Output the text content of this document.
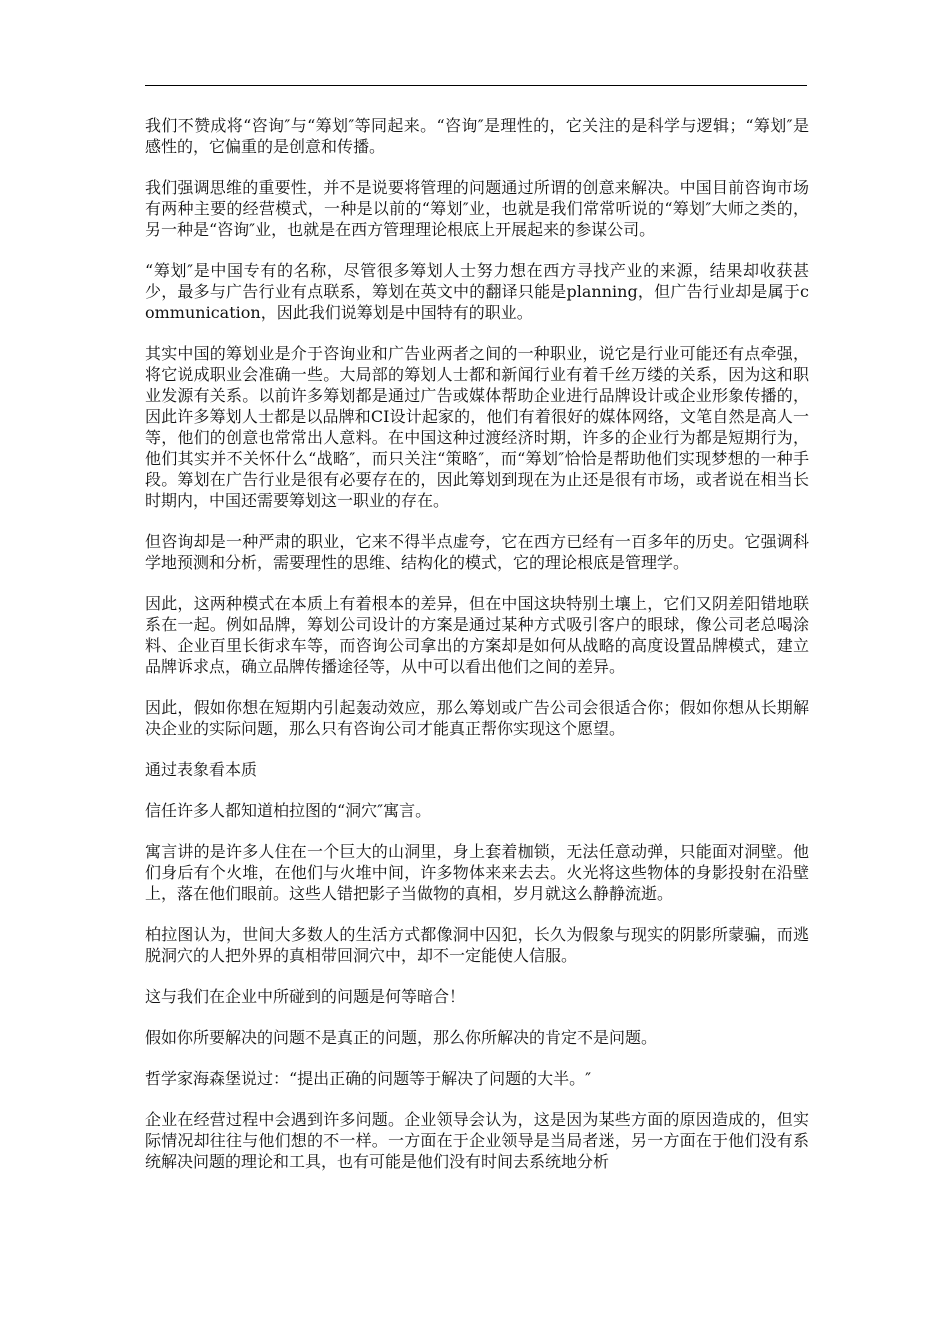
我们不赞成将“咨询″与“筹划″等同起来。“咨询″是理性的，它关注的是科学与逻辑；“筹划″是感性的，它偏重的是创意和传播。

我们强调思维的重要性，并不是说要将管理的问题通过所谓的创意来解决。中国目前咨询市场有两种主要的经营模式，一种是以前的“筹划″业，也就是我们常常听说的“筹划″大师之类的，另一种是“咨询″业，也就是在西方管理理论根底上开展起来的参谋公司。

“筹划″是中国专有的名称，尽管很多筹划人士努力想在西方寻找产业的来源，结果却收获甚少，最多与广告行业有点联系，筹划在英文中的翻译只能是planning，但广告行业却是属于communication，因此我们说筹划是中国特有的职业。

其实中国的筹划业是介于咨询业和广告业两者之间的一种职业，说它是行业可能还有点牵强，将它说成职业会准确一些。大局部的筹划人士都和新闻行业有着千丝万缕的关系，因为这和职业发源有关系。以前许多筹划都是通过广告或媒体帮助企业进行品牌设计或企业形象传播的，因此许多筹划人士都是以品牌和CI设计起家的，他们有着很好的媒体网络，文笔自然是高人一等，他们的创意也常常出人意料。在中国这种过渡经济时期，许多的企业行为都是短期行为，他们其实并不关怀什么“战略″，而只关注“策略″，而“筹划″恰恰是帮助他们实现梦想的一种手段。筹划在广告行业是很有必要存在的，因此筹划到现在为止还是很有市场，或者说在相当长时期内，中国还需要筹划这一职业的存在。

但咨询却是一种严肃的职业，它来不得半点虚夸，它在西方已经有一百多年的历史。它强调科学地预测和分析，需要理性的思维、结构化的模式，它的理论根底是管理学。

因此，这两种模式在本质上有着根本的差异，但在中国这块特别土壤上，它们又阴差阳错地联系在一起。例如品牌，筹划公司设计的方案是通过某种方式吸引客户的眼球，像公司老总喝涂料、企业百里长街求车等，而咨询公司拿出的方案却是如何从战略的高度设置品牌模式，建立品牌诉求点，确立品牌传播途径等，从中可以看出他们之间的差异。

因此，假如你想在短期内引起轰动效应，那么筹划或广告公司会很适合你；假如你想从长期解决企业的实际问题，那么只有咨询公司才能真正帮你实现这个愿望。

通过表象看本质

信任许多人都知道柏拉图的“洞穴″寓言。

寓言讲的是许多人住在一个巨大的山洞里，身上套着枷锁，无法任意动弹，只能面对洞壁。他们身后有个火堆，在他们与火堆中间，许多物体来来去去。火光将这些物体的身影投射在沿壁上，落在他们眼前。这些人错把影子当做物的真相，岁月就这么静静流逝。

柏拉图认为，世间大多数人的生活方式都像洞中囚犯，长久为假象与现实的阴影所蒙骗，而逃脱洞穴的人把外界的真相带回洞穴中，却不一定能使人信服。

这与我们在企业中所碰到的问题是何等暗合！

假如你所要解决的问题不是真正的问题，那么你所解决的肯定不是问题。

哲学家海森堡说过：“提出正确的问题等于解决了问题的大半。″

企业在经营过程中会遇到许多问题。企业领导会认为，这是因为某些方面的原因造成的，但实际情况却往往与他们想的不一样。一方面在于企业领导是当局者迷，另一方面在于他们没有系统解决问题的理论和工具，也有可能是他们没有时间去系统地分析
